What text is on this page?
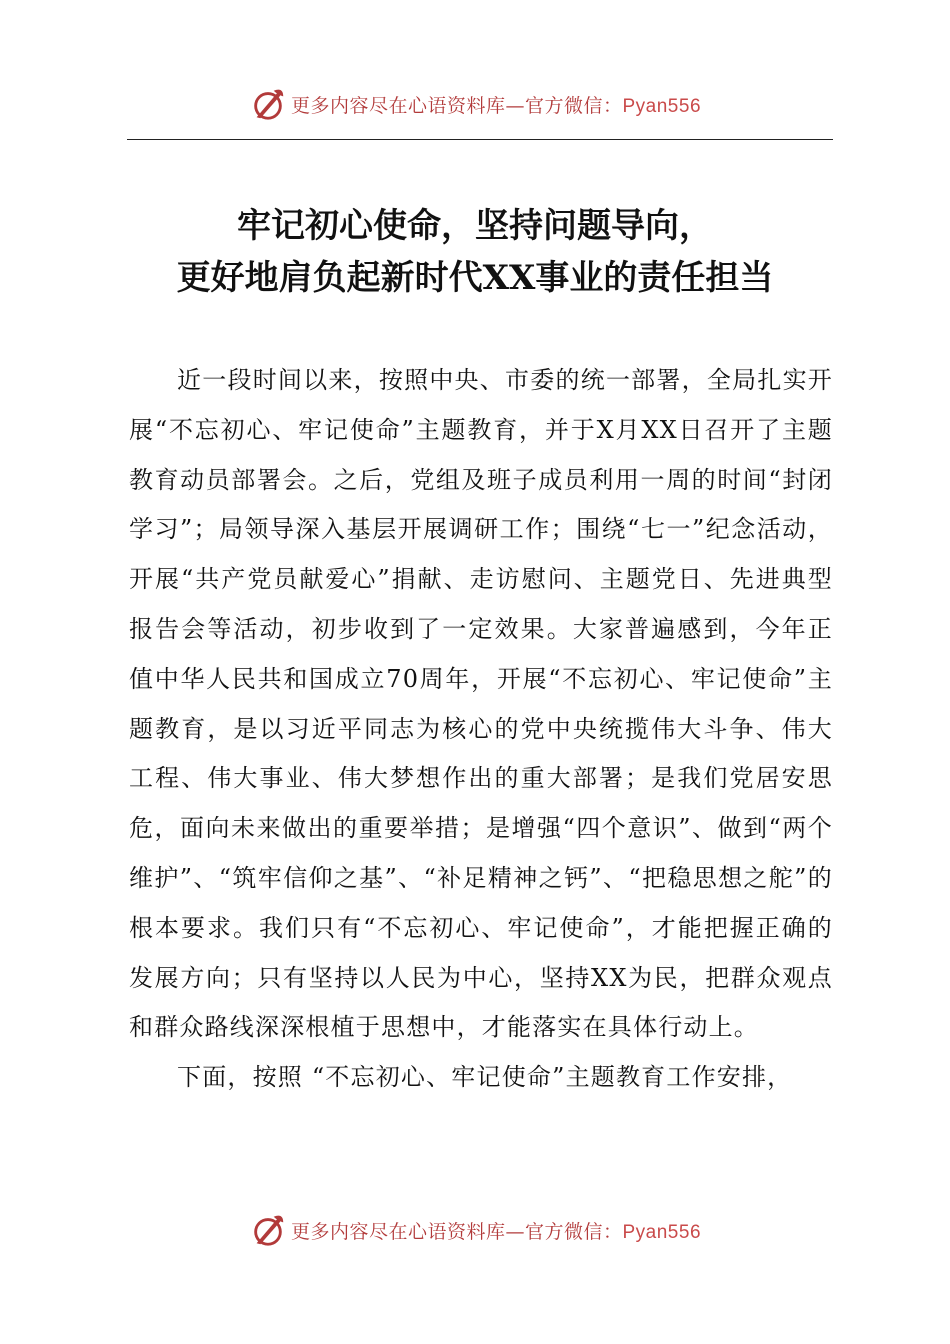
更多内容尽在心语资料库—官方微信：Pyan556
牢记初心使命，坚持问题导向，
更好地肩负起新时代XX事业的责任担当

近一段时间以来，按照中央、市委的统一部署，全局扎实开展“不忘初心、牢记使命”主题教育，并于X月XX日召开了主题教育动员部署会。之后，党组及班子成员利用一周的时间“封闭学习”；局领导深入基层开展调研工作；围绕“七一”纪念活动，开展“共产党员献爱心”捐献、走访慰问、主题党日、先进典型报告会等活动，初步收到了一定效果。大家普遍感到，今年正值中华人民共和国成立70周年，开展“不忘初心、牢记使命”主题教育，是以习近平同志为核心的党中央统揽伟大斗争、伟大工程、伟大事业、伟大梦想作出的重大部署；是我们党居安思危，面向未来做出的重要举措；是增强“四个意识”、做到“两个维护”、“筑牢信仰之基”、“补足精神之钙”、“把稳思想之舵”的根本要求。我们只有“不忘初心、牢记使命”，才能把握正确的发展方向；只有坚持以人民为中心，坚持XX为民，把群众观点和群众路线深深根植于思想中，才能落实在具体行动上。

下面，按照 “不忘初心、牢记使命”主题教育工作安排，

更多内容尽在心语资料库—官方微信：Pyan556
